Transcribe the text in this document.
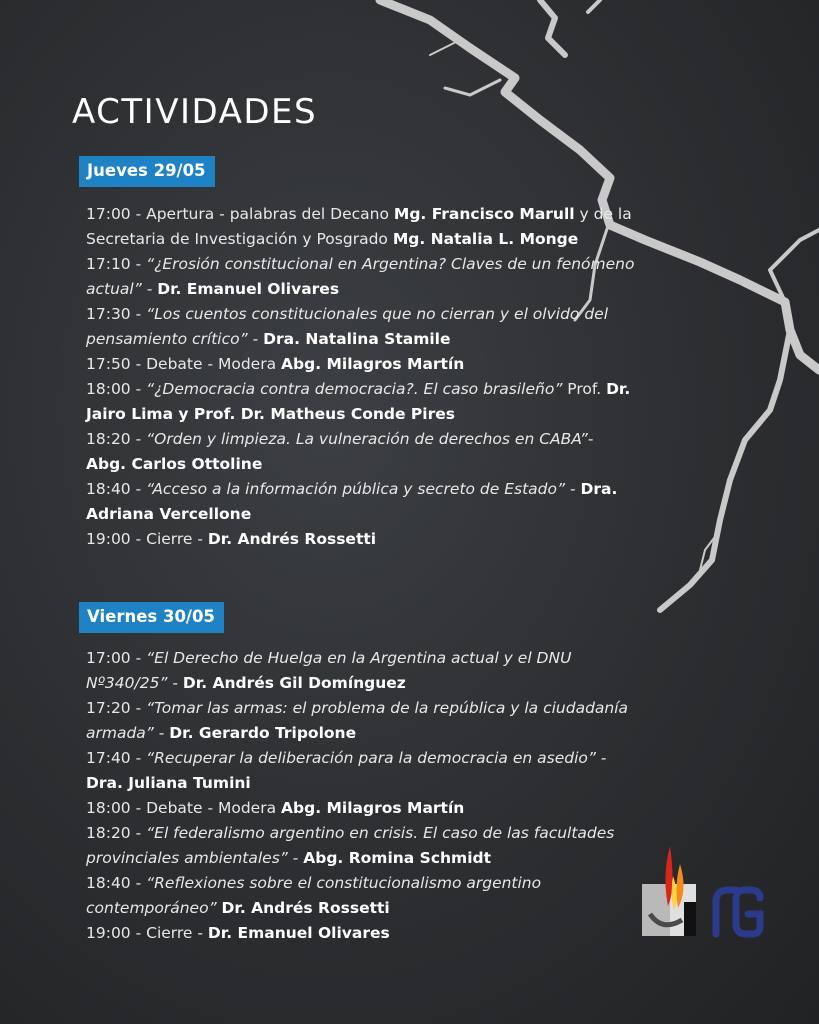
ACTIVIDADES
Jueves 29/05
17:00 - Apertura - palabras del Decano Mg. Francisco Marull y de la Secretaria de Investigación y Posgrado Mg. Natalia L. Monge
17:10 - “¿Erosión constitucional en Argentina? Claves de un fenómeno actual” - Dr. Emanuel Olivares
17:30 - “Los cuentos constitucionales que no cierran y el olvido del pensamiento crítico” - Dra. Natalina Stamile
17:50 - Debate - Modera Abg. Milagros Martín
18:00 - “¿Democracia contra democracia?. El caso brasileño” Prof. Dr. Jairo Lima y Prof. Dr. Matheus Conde Pires
18:20 - “Orden y limpieza. La vulneración de derechos en CABA”- Abg. Carlos Ottoline
18:40 - “Acceso a la información pública y secreto de Estado” - Dra. Adriana Vercellone
19:00 - Cierre - Dr. Andrés Rossetti
Viernes 30/05
17:00 - “El Derecho de Huelga en la Argentina actual y el DNU Nº340/25” - Dr. Andrés Gil Domínguez
17:20 - “Tomar las armas: el problema de la república y la ciudadanía armada” - Dr. Gerardo Tripolone
17:40 - “Recuperar la deliberación para la democracia en asedio” - Dra. Juliana Tumini
18:00 - Debate - Modera Abg. Milagros Martín
18:20 - “El federalismo argentino en crisis. El caso de las facultades provinciales ambientales” - Abg. Romina Schmidt
18:40 - “Reflexiones sobre el constitucionalismo argentino contemporáneo” Dr. Andrés Rossetti
19:00 - Cierre - Dr. Emanuel Olivares
